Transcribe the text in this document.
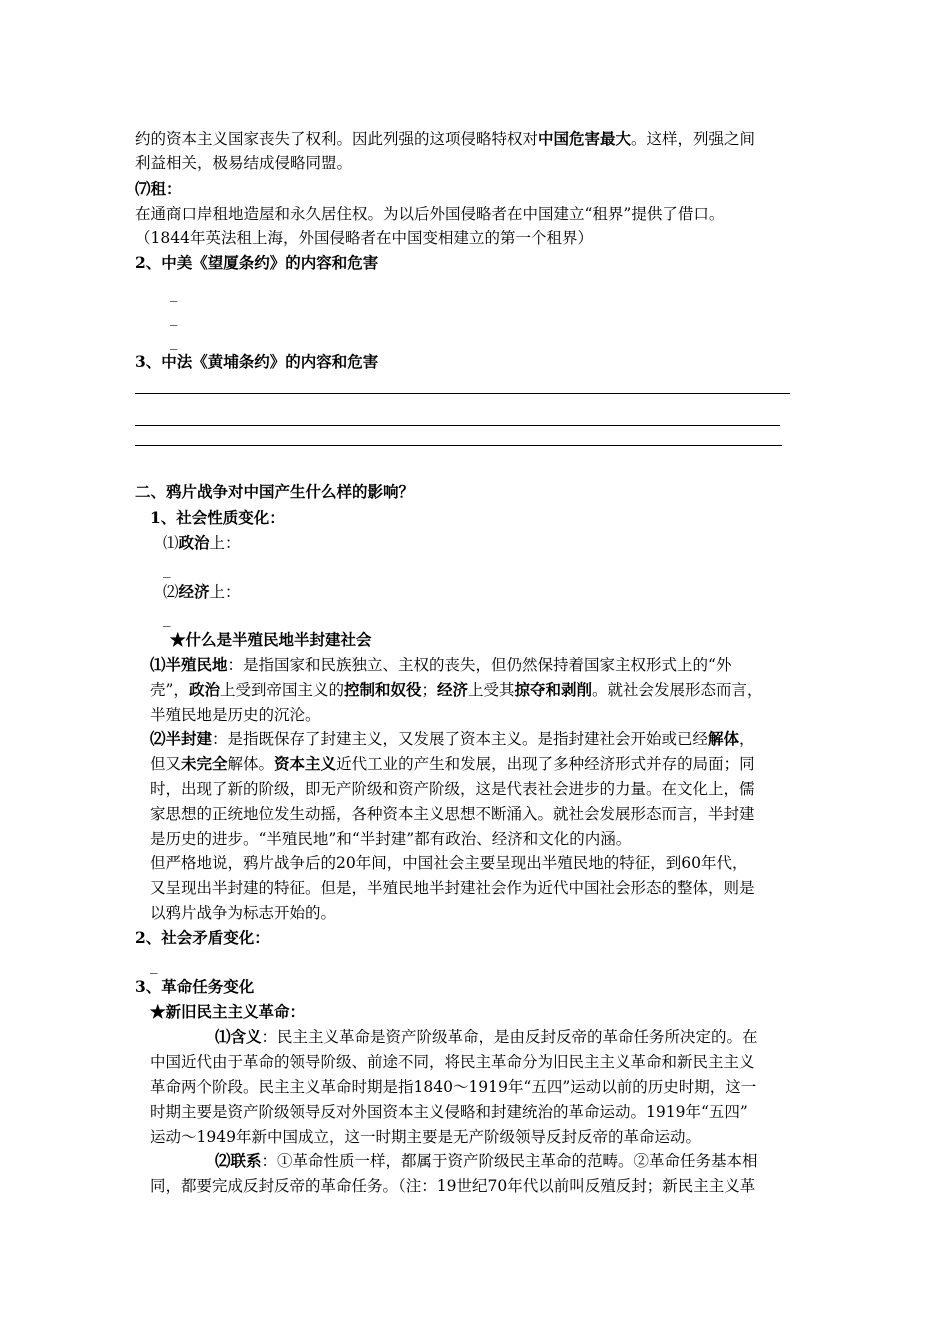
约的资本主义国家丧失了权利。因此列强的这项侵略特权对中国危害最大。这样，列强之间
利益相关，极易结成侵略同盟。
⑺租：
在通商口岸租地造屋和永久居住权。为以后外国侵略者在中国建立“租界”提供了借口。
（1844年英法租上海，外国侵略者在中国变相建立的第一个租界）
2、中美《望厦条约》的内容和危害
_
_
_
3、中法《黄埔条约》的内容和危害
二、鸦片战争对中国产生什么样的影响？
1、社会性质变化：
⑴政治上：
_
⑵经济上：
_
★什么是半殖民地半封建社会
⑴半殖民地：是指国家和民族独立、主权的丧失，但仍然保持着国家主权形式上的“外
壳”，政治上受到帝国主义的控制和奴役；经济上受其掠夺和剥削。就社会发展形态而言，
半殖民地是历史的沉沦。
⑵半封建：是指既保存了封建主义，又发展了资本主义。是指封建社会开始或已经解体，
但又未完全解体。资本主义近代工业的产生和发展，出现了多种经济形式并存的局面；同
时，出现了新的阶级，即无产阶级和资产阶级，这是代表社会进步的力量。在文化上，儒
家思想的正统地位发生动摇，各种资本主义思想不断涌入。就社会发展形态而言，半封建
是历史的进步。“半殖民地”和“半封建”都有政治、经济和文化的内涵。
但严格地说，鸦片战争后的20年间，中国社会主要呈现出半殖民地的特征，到60年代，
又呈现出半封建的特征。但是，半殖民地半封建社会作为近代中国社会形态的整体，则是
以鸦片战争为标志开始的。
2、社会矛盾变化：
_
3、革命任务变化
★新旧民主主义革命：
⑴含义：民主主义革命是资产阶级革命，是由反封反帝的革命任务所决定的。在
中国近代由于革命的领导阶级、前途不同，将民主革命分为旧民主主义革命和新民主主义
革命两个阶段。民主主义革命时期是指1840～1919年“五四”运动以前的历史时期，这一
时期主要是资产阶级领导反对外国资本主义侵略和封建统治的革命运动。1919年“五四”
运动～1949年新中国成立，这一时期主要是无产阶级领导反封反帝的革命运动。
⑵联系：①革命性质一样，都属于资产阶级民主革命的范畴。②革命任务基本相
同，都要完成反封反帝的革命任务。（注：19世纪70年代以前叫反殖反封；新民主主义革
